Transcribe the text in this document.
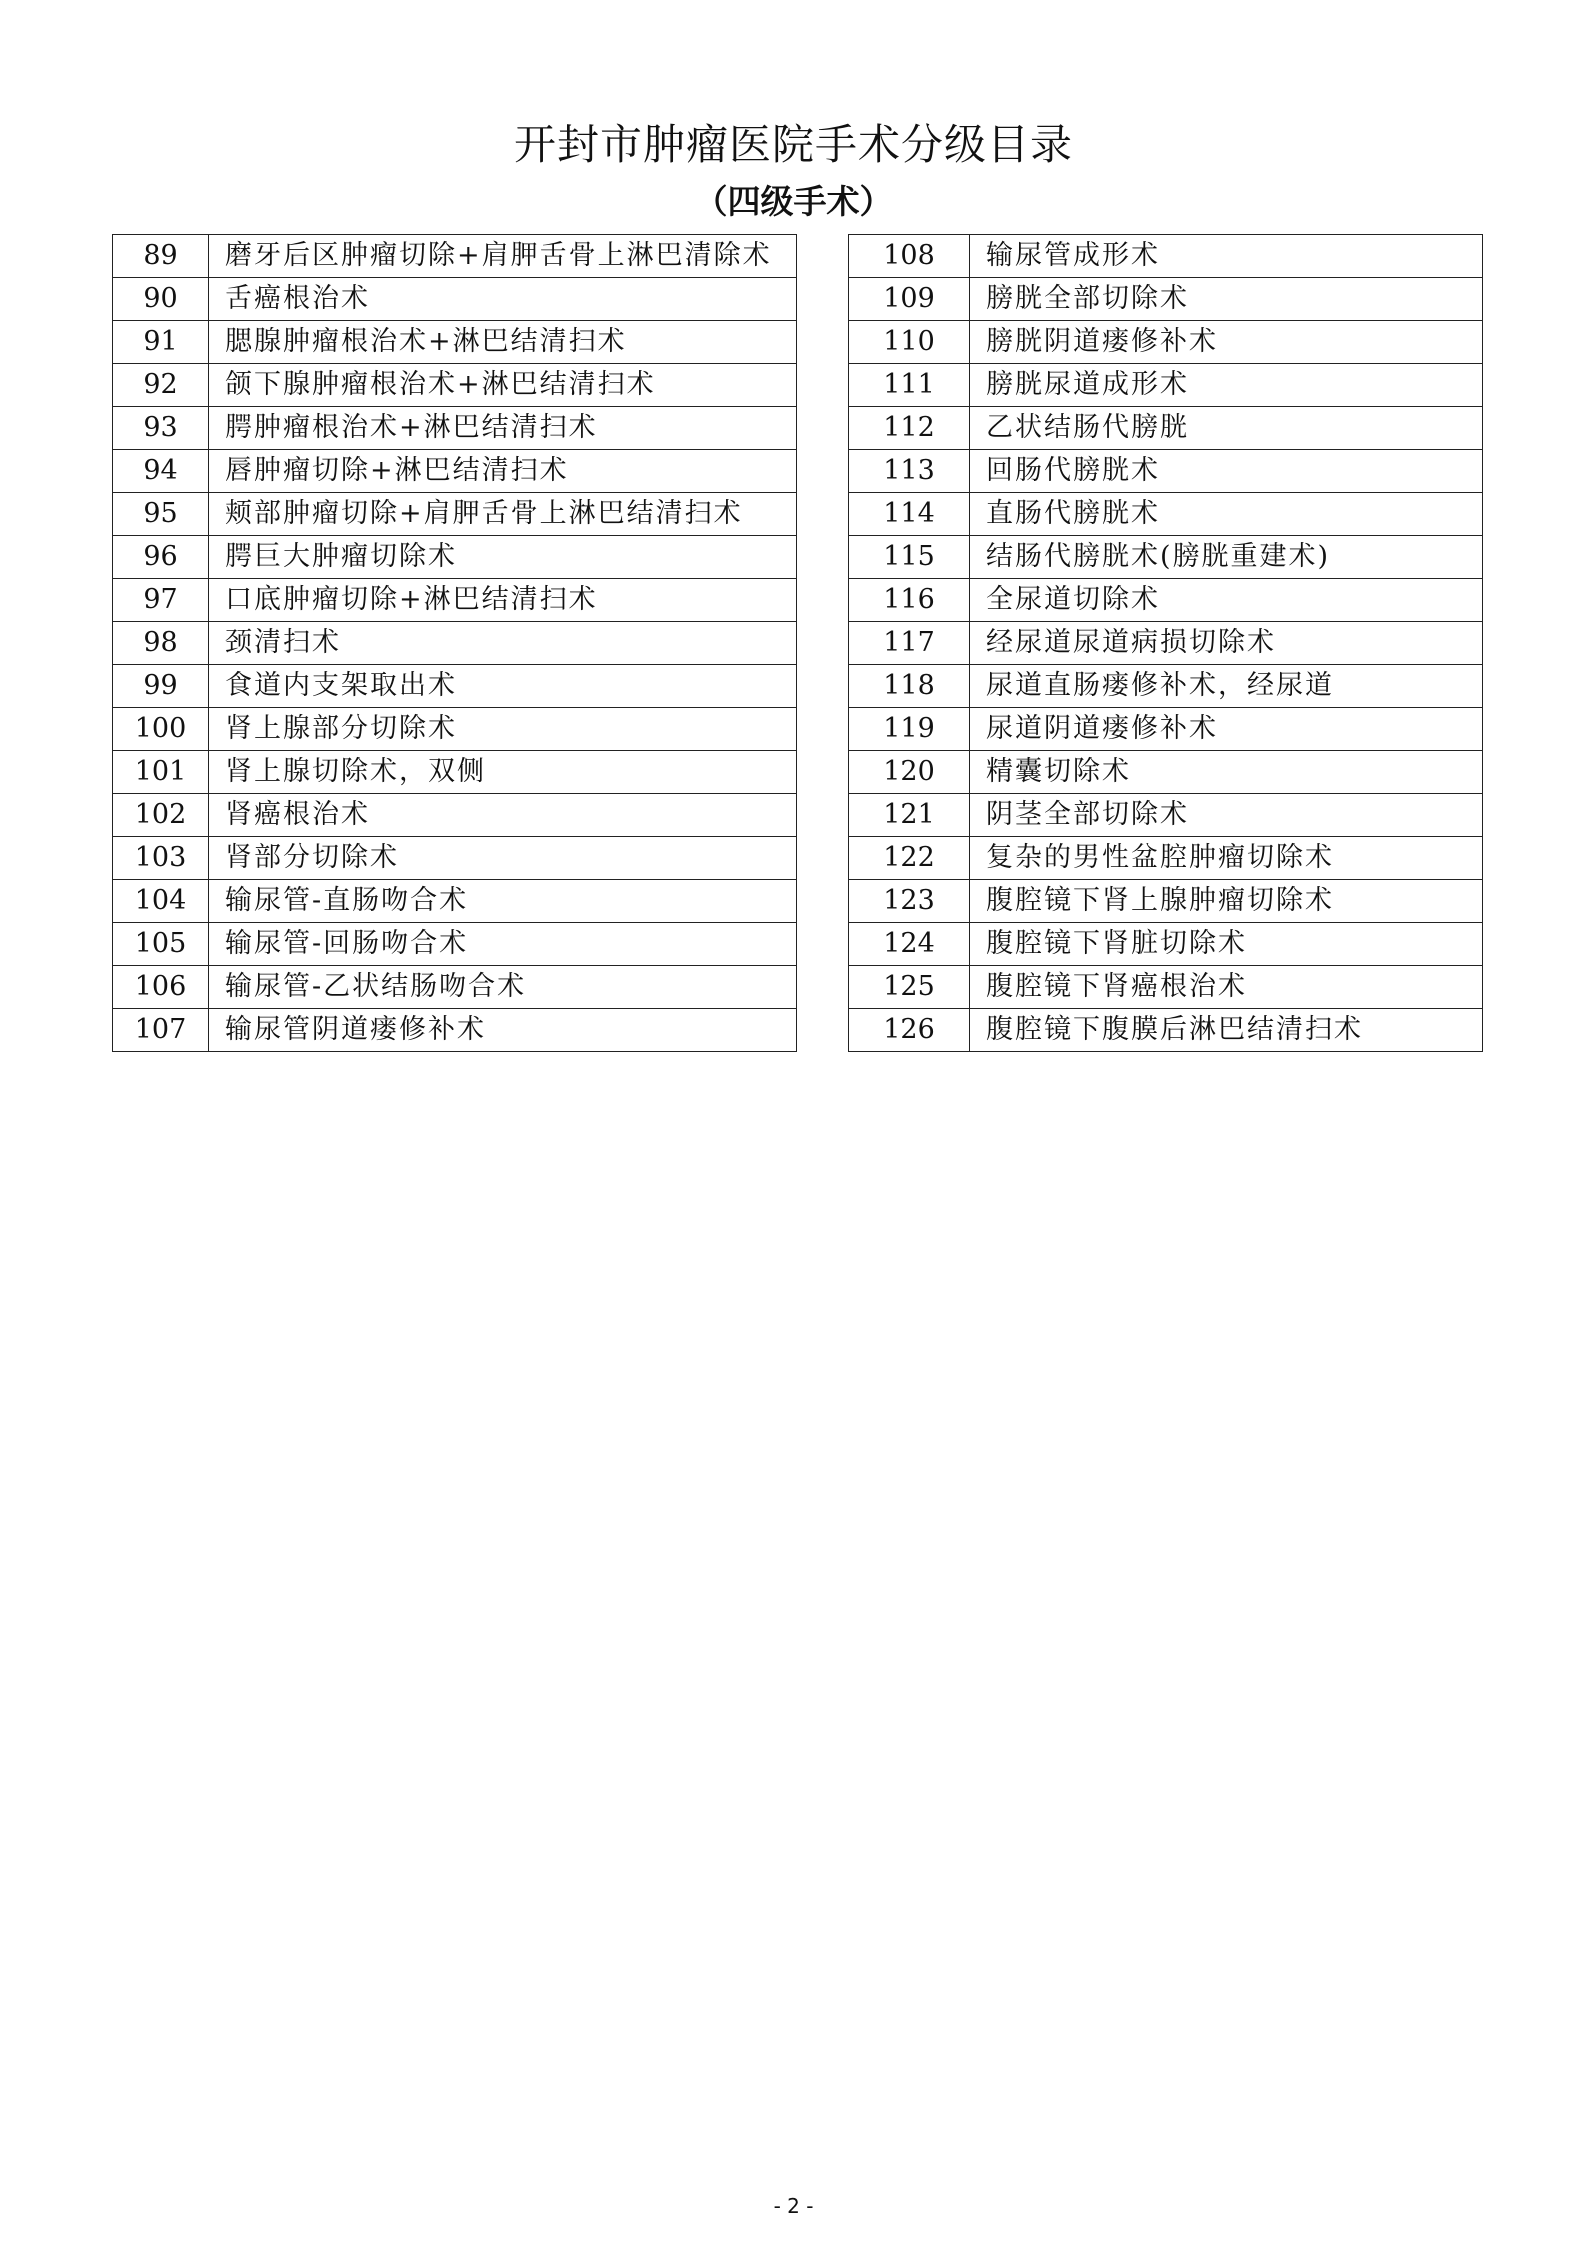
开封市肿瘤医院手术分级目录
（四级手术）
89	磨牙后区肿瘤切除+肩胛舌骨上淋巴清除术
90	舌癌根治术
91	腮腺肿瘤根治术+淋巴结清扫术
92	颌下腺肿瘤根治术+淋巴结清扫术
93	腭肿瘤根治术+淋巴结清扫术
94	唇肿瘤切除+淋巴结清扫术
95	颊部肿瘤切除+肩胛舌骨上淋巴结清扫术
96	腭巨大肿瘤切除术
97	口底肿瘤切除+淋巴结清扫术
98	颈清扫术
99	食道内支架取出术
100	肾上腺部分切除术
101	肾上腺切除术，双侧
102	肾癌根治术
103	肾部分切除术
104	输尿管-直肠吻合术
105	输尿管-回肠吻合术
106	输尿管-乙状结肠吻合术
107	输尿管阴道瘘修补术
108	输尿管成形术
109	膀胱全部切除术
110	膀胱阴道瘘修补术
111	膀胱尿道成形术
112	乙状结肠代膀胱
113	回肠代膀胱术
114	直肠代膀胱术
115	结肠代膀胱术(膀胱重建术)
116	全尿道切除术
117	经尿道尿道病损切除术
118	尿道直肠瘘修补术，经尿道
119	尿道阴道瘘修补术
120	精囊切除术
121	阴茎全部切除术
122	复杂的男性盆腔肿瘤切除术
123	腹腔镜下肾上腺肿瘤切除术
124	腹腔镜下肾脏切除术
125	腹腔镜下肾癌根治术
126	腹腔镜下腹膜后淋巴结清扫术
- 2 -
